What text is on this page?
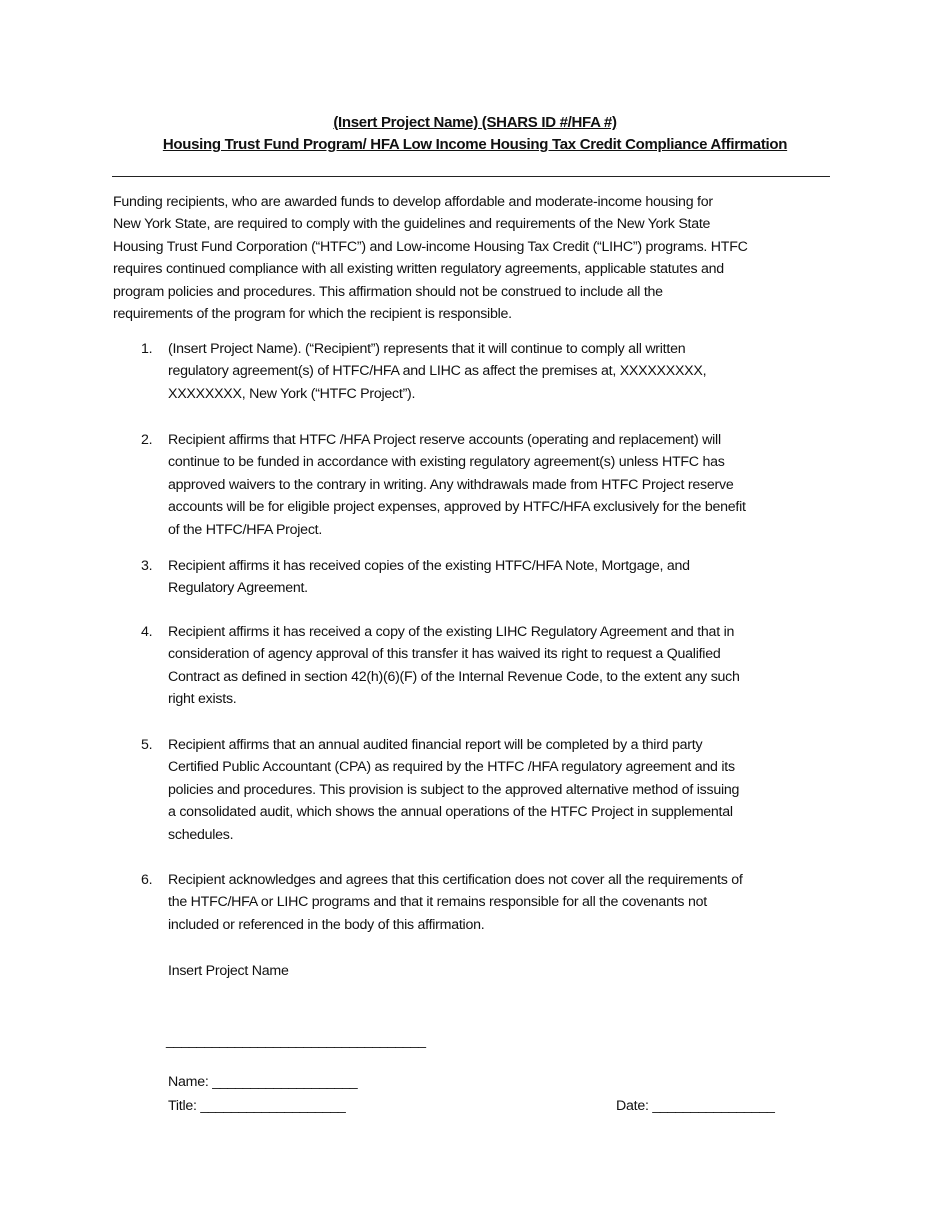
(Insert Project Name) (SHARS ID #/HFA #)
Housing Trust Fund Program/ HFA Low Income Housing Tax Credit Compliance Affirmation
Funding recipients, who are awarded funds to develop affordable and moderate-income housing for
New York State, are required to comply with the guidelines and requirements of the New York State
Housing Trust Fund Corporation (“HTFC”) and Low-income Housing Tax Credit (“LIHC”) programs. HTFC
requires continued compliance with all existing written regulatory agreements, applicable statutes and
program policies and procedures. This affirmation should not be construed to include all the
requirements of the program for which the recipient is responsible.
1. (Insert Project Name). (“Recipient”) represents that it will continue to comply all written
regulatory agreement(s) of HTFC/HFA and LIHC as affect the premises at, XXXXXXXXX,
XXXXXXXX, New York (“HTFC Project”).
2. Recipient affirms that HTFC /HFA Project reserve accounts (operating and replacement) will
continue to be funded in accordance with existing regulatory agreement(s) unless HTFC has
approved waivers to the contrary in writing. Any withdrawals made from HTFC Project reserve
accounts will be for eligible project expenses, approved by HTFC/HFA exclusively for the benefit
of the HTFC/HFA Project.
3. Recipient affirms it has received copies of the existing HTFC/HFA Note, Mortgage, and
Regulatory Agreement.
4. Recipient affirms it has received a copy of the existing LIHC Regulatory Agreement and that in
consideration of agency approval of this transfer it has waived its right to request a Qualified
Contract as defined in section 42(h)(6)(F) of the Internal Revenue Code, to the extent any such
right exists.
5. Recipient affirms that an annual audited financial report will be completed by a third party
Certified Public Accountant (CPA) as required by the HTFC /HFA regulatory agreement and its
policies and procedures. This provision is subject to the approved alternative method of issuing
a consolidated audit, which shows the annual operations of the HTFC Project in supplemental
schedules.
6. Recipient acknowledges and agrees that this certification does not cover all the requirements of
the HTFC/HFA or LIHC programs and that it remains responsible for all the covenants not
included or referenced in the body of this affirmation.
Insert Project Name
__________________________________
Name: ___________________
Title: ___________________	Date: ________________
